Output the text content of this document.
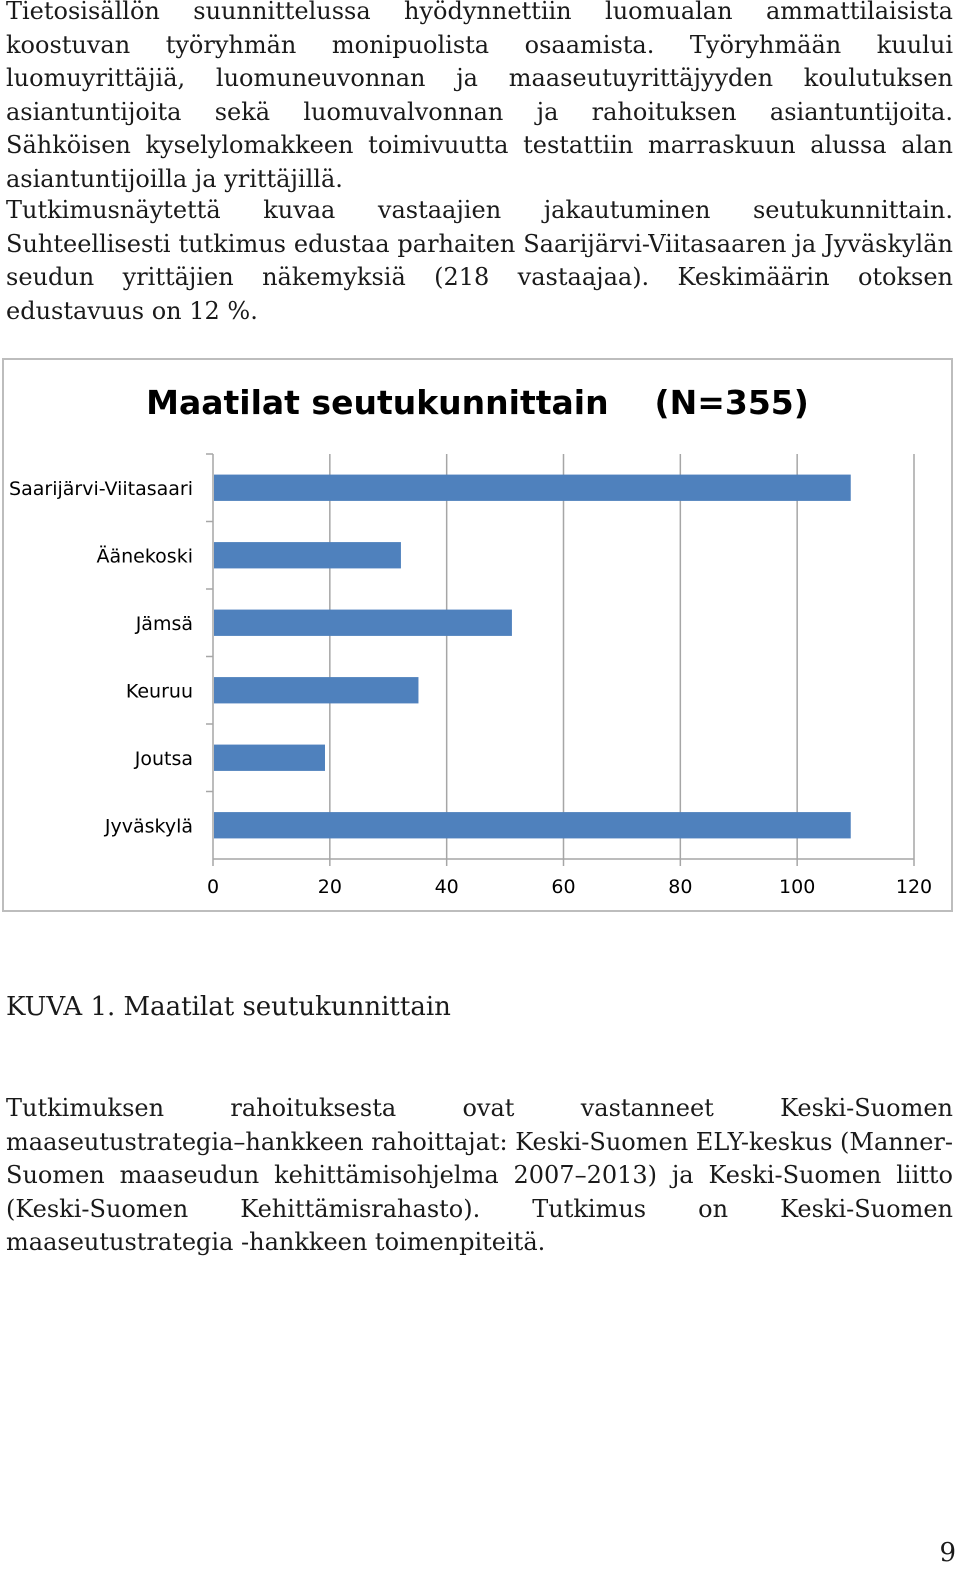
Tietosisällön suunnittelussa hyödynnettiin luomualan ammattilaisista koostuvan työryhmän monipuolista osaamista. Työryhmään kuului luomuyrittäjiä, luomuneuvonnan ja maaseutuyrittäjyyden koulutuksen asiantuntijoita sekä luomuvalvonnan ja rahoituksen asiantuntijoita. Sähköisen kyselylomakkeen toimivuutta testattiin marraskuun alussa alan asiantuntijoilla ja yrittäjillä.

Tutkimusnäytettä kuvaa vastaajien jakautuminen seutukunnittain. Suhteellisesti tutkimus edustaa parhaiten Saarijärvi-Viitasaaren ja Jyväskylän seudun yrittäjien näkemyksiä (218 vastaajaa). Keskimäärin otoksen edustavuus on 12 %.

Maatilat seutukunnittain    (N=355)

0	20	40	60	80	100	120
Saarijärvi-Viitasaari
Äänekoski
Jämsä
Keuruu
Joutsa
Jyväskylä

KUVA 1. Maatilat seutukunnittain

Tutkimuksen rahoituksesta ovat vastanneet Keski-Suomen maaseutustrategia–hankkeen rahoittajat: Keski-Suomen ELY-keskus (Manner-Suomen maaseudun kehittämisohjelma 2007–2013) ja Keski-Suomen liitto (Keski-Suomen Kehittämisrahasto). Tutkimus on Keski-Suomen maaseutustrategia -hankkeen toimenpiteitä.

9
